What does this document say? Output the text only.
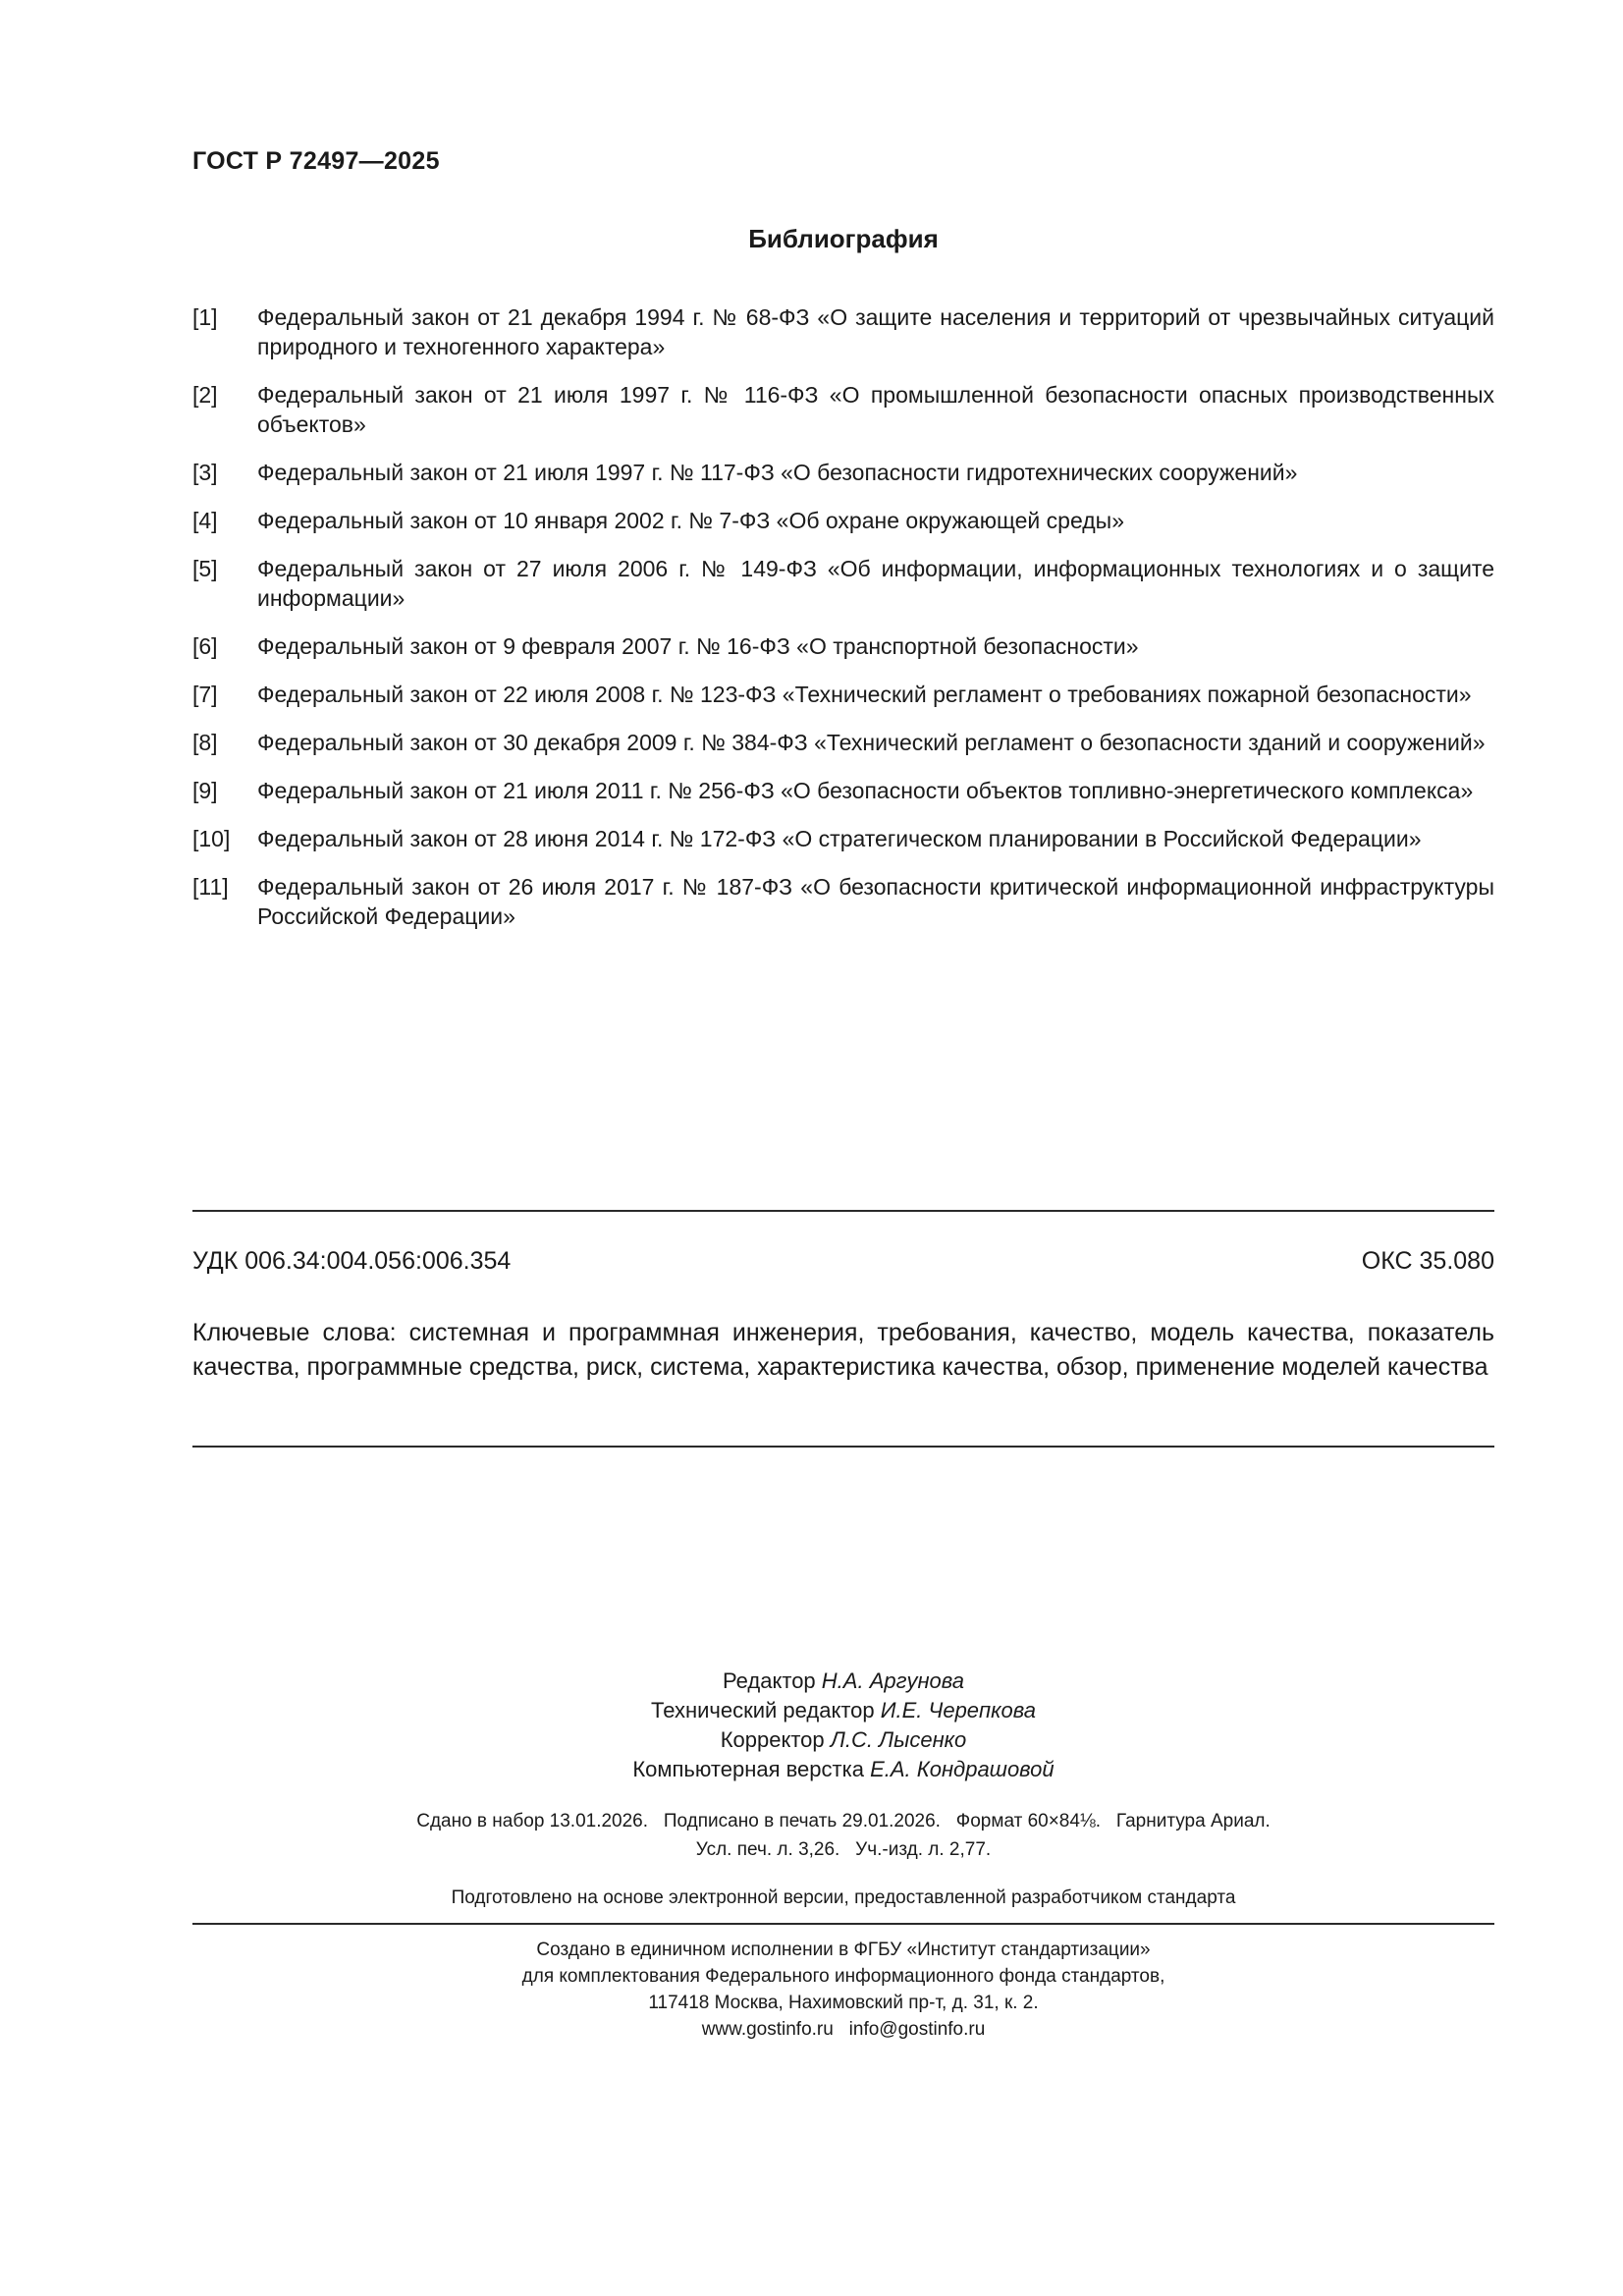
ГОСТ Р 72497—2025
Библиография
[1]	Федеральный закон от 21 декабря 1994 г. № 68-ФЗ «О защите населения и территорий от чрезвычайных ситуаций природного и техногенного характера»
[2]	Федеральный закон от 21 июля 1997 г. № 116-ФЗ «О промышленной безопасности опасных производственных объектов»
[3]	Федеральный закон от 21 июля 1997 г. № 117-ФЗ «О безопасности гидротехнических сооружений»
[4]	Федеральный закон от 10 января 2002 г. № 7-ФЗ «Об охране окружающей среды»
[5]	Федеральный закон от 27 июля 2006 г. № 149-ФЗ «Об информации, информационных технологиях и о защите информации»
[6]	Федеральный закон от 9 февраля 2007 г. № 16-ФЗ «О транспортной безопасности»
[7]	Федеральный закон от 22 июля 2008 г. № 123-ФЗ «Технический регламент о требованиях пожарной безопасности»
[8]	Федеральный закон от 30 декабря 2009 г. № 384-ФЗ «Технический регламент о безопасности зданий и сооружений»
[9]	Федеральный закон от 21 июля 2011 г. № 256-ФЗ «О безопасности объектов топливно-энергетического комплекса»
[10]	Федеральный закон от 28 июня 2014 г. № 172-ФЗ «О стратегическом планировании в Российской Федерации»
[11]	Федеральный закон от 26 июля 2017 г. № 187-ФЗ «О безопасности критической информационной инфраструктуры Российской Федерации»
УДК 006.34:004.056:006.354	ОКС 35.080
Ключевые слова: системная и программная инженерия, требования, качество, модель качества, показатель качества, программные средства, риск, система, характеристика качества, обзор, применение моделей качества
Редактор Н.А. Аргунова
Технический редактор И.Е. Черепкова
Корректор Л.С. Лысенко
Компьютерная верстка Е.А. Кондрашовой
Сдано в набор 13.01.2026.   Подписано в печать 29.01.2026.   Формат 60×84⅛.   Гарнитура Ариал.
Усл. печ. л. 3,26.   Уч.-изд. л. 2,77.
Подготовлено на основе электронной версии, предоставленной разработчиком стандарта
Создано в единичном исполнении в ФГБУ «Институт стандартизации»
для комплектования Федерального информационного фонда стандартов,
117418 Москва, Нахимовский пр-т, д. 31, к. 2.
www.gostinfo.ru   info@gostinfo.ru
